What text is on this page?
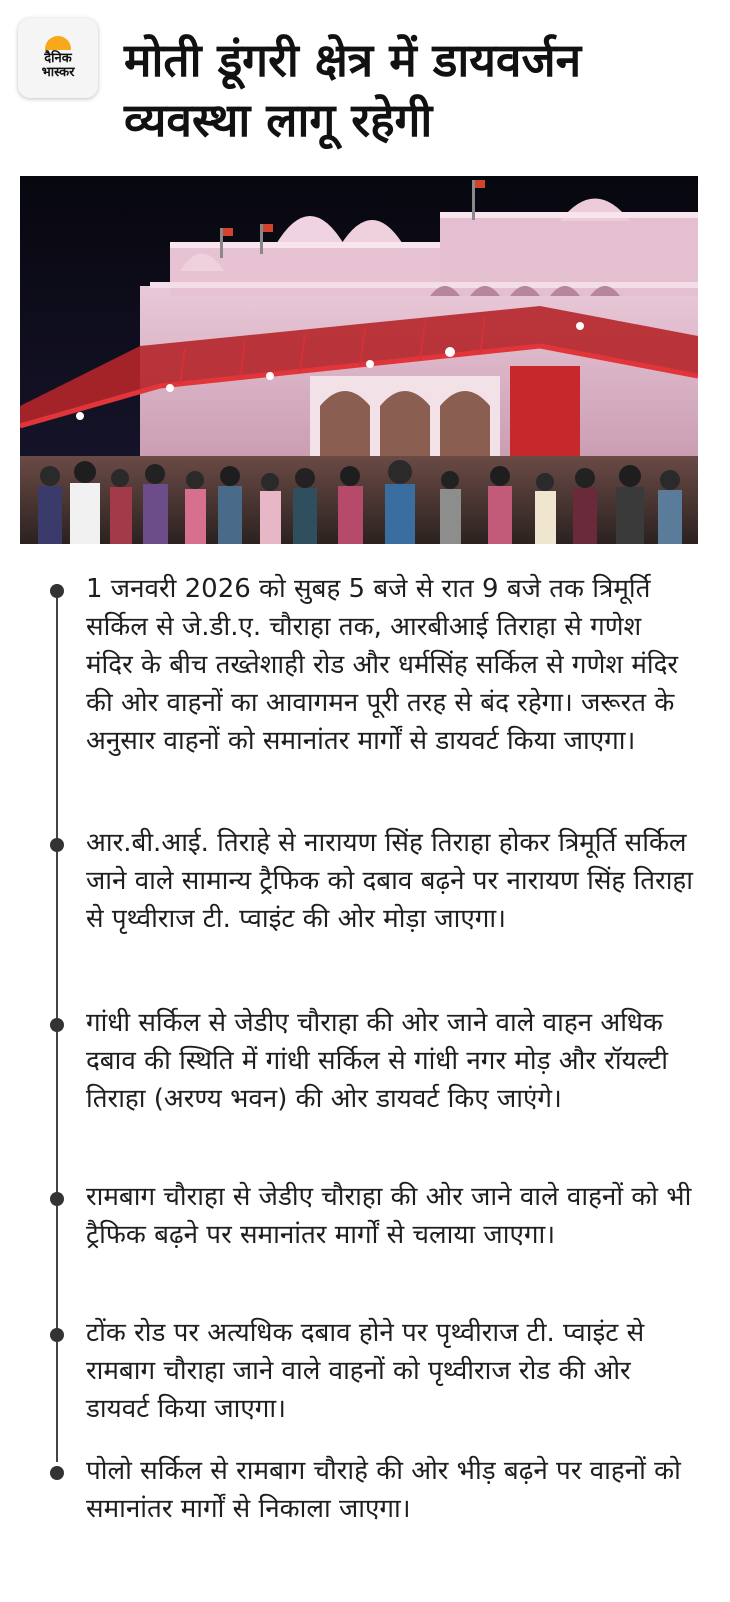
दैनिक
भास्कर मोती डूंगरी क्षेत्र में डायवर्जन व्यवस्था लागू रहेगी
1 जनवरी 2026 को सुबह 5 बजे से रात 9 बजे तक त्रिमूर्ति सर्किल से जे.डी.ए. चौराहा तक, आरबीआई तिराहा से गणेश मंदिर के बीच तख्तेशाही रोड और धर्मसिंह सर्किल से गणेश मंदिर की ओर वाहनों का आवागमन पूरी तरह से बंद रहेगा। जरूरत के अनुसार वाहनों को समानांतर मार्गों से डायवर्ट किया जाएगा।
आर.बी.आई. तिराहे से नारायण सिंह तिराहा होकर त्रिमूर्ति सर्किल जाने वाले सामान्य ट्रैफिक को दबाव बढ़ने पर नारायण सिंह तिराहा से पृथ्वीराज टी. प्वाइंट की ओर मोड़ा जाएगा।
गांधी सर्किल से जेडीए चौराहा की ओर जाने वाले वाहन अधिक दबाव की स्थिति में गांधी सर्किल से गांधी नगर मोड़ और रॉयल्टी तिराहा (अरण्य भवन) की ओर डायवर्ट किए जाएंगे।
रामबाग चौराहा से जेडीए चौराहा की ओर जाने वाले वाहनों को भी ट्रैफिक बढ़ने पर समानांतर मार्गों से चलाया जाएगा।
टोंक रोड पर अत्यधिक दबाव होने पर पृथ्वीराज टी. प्वाइंट से रामबाग चौराहा जाने वाले वाहनों को पृथ्वीराज रोड की ओर डायवर्ट किया जाएगा।
पोलो सर्किल से रामबाग चौराहे की ओर भीड़ बढ़ने पर वाहनों को समानांतर मार्गों से निकाला जाएगा।
